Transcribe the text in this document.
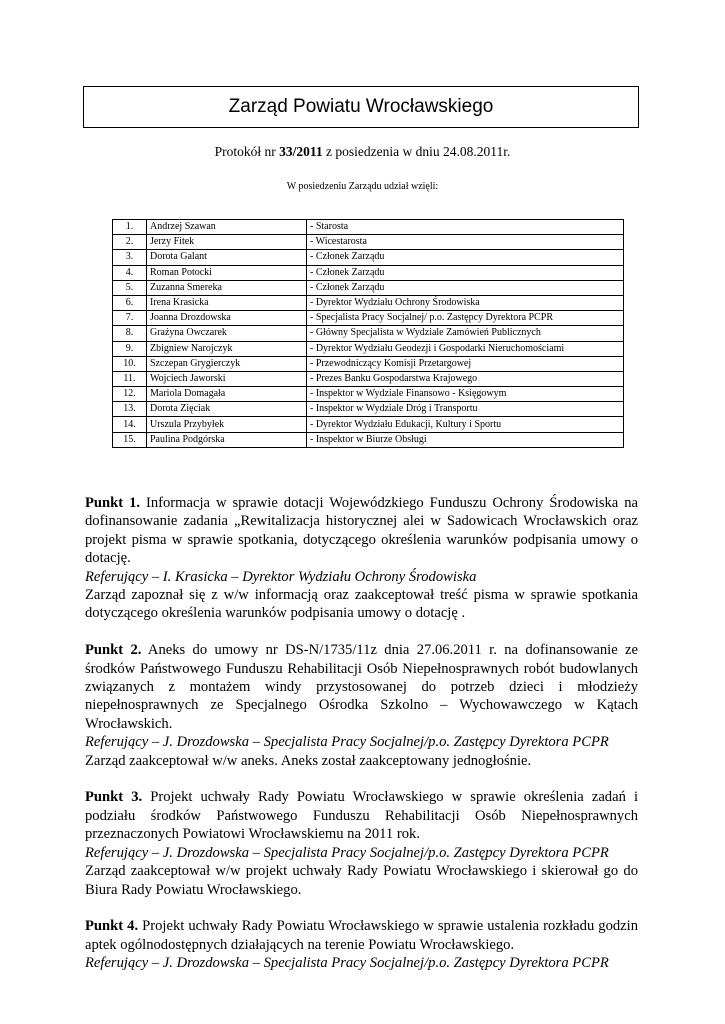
Zarząd Powiatu Wrocławskiego
Protokół nr 33/2011 z posiedzenia w dniu 24.08.2011r.
W posiedzeniu Zarządu udział wzięli:
1.	Andrzej Szawan	- Starosta
2.	Jerzy Fitek	- Wicestarosta
3.	Dorota Galant	- Członek Zarządu
4.	Roman Potocki	- Członek Zarządu
5.	Zuzanna Smereka	- Członek Zarządu
6.	Irena Krasicka	- Dyrektor Wydziału Ochrony Środowiska
7.	Joanna Drozdowska	- Specjalista Pracy Socjalnej/ p.o. Zastępcy Dyrektora PCPR
8.	Grażyna Owczarek	- Główny Specjalista w Wydziale Zamówień Publicznych
9.	Zbigniew Narojczyk	- Dyrektor Wydziału Geodezji i Gospodarki Nieruchomościami
10.	Szczepan Grygierczyk	- Przewodniczący Komisji Przetargowej
11.	Wojciech Jaworski	- Prezes Banku Gospodarstwa Krajowego
12.	Mariola Domagała	- Inspektor w Wydziale Finansowo - Księgowym
13.	Dorota Zięciak	- Inspektor w Wydziale Dróg i Transportu
14.	Urszula Przybyłek	- Dyrektor Wydziału Edukacji, Kultury i Sportu
15.	Paulina Podgórska	- Inspektor w Biurze Obsługi

Punkt 1. Informacja w sprawie dotacji Wojewódzkiego Funduszu Ochrony Środowiska na dofinansowanie zadania „Rewitalizacja historycznej alei w Sadowicach Wrocławskich oraz projekt pisma w sprawie spotkania, dotyczącego określenia warunków podpisania umowy o dotację.
Referujący – I. Krasicka – Dyrektor Wydziału Ochrony Środowiska
Zarząd zapoznał się z w/w informacją oraz zaakceptował treść pisma w sprawie spotkania dotyczącego określenia warunków podpisania umowy o dotację .

Punkt 2. Aneks do umowy nr DS-N/1735/11z dnia 27.06.2011 r. na dofinansowanie ze środków Państwowego Funduszu Rehabilitacji Osób Niepełnosprawnych robót budowlanych związanych z montażem windy przystosowanej do potrzeb dzieci i młodzieży niepełnosprawnych ze Specjalnego Ośrodka Szkolno – Wychowawczego w Kątach Wrocławskich.
Referujący – J. Drozdowska – Specjalista Pracy Socjalnej/p.o. Zastępcy Dyrektora PCPR
Zarząd zaakceptował w/w aneks. Aneks został zaakceptowany jednogłośnie.

Punkt 3. Projekt uchwały Rady Powiatu Wrocławskiego w sprawie określenia zadań i podziału środków Państwowego Funduszu Rehabilitacji Osób Niepełnosprawnych przeznaczonych Powiatowi Wrocławskiemu na 2011 rok.
Referujący – J. Drozdowska – Specjalista Pracy Socjalnej/p.o. Zastępcy Dyrektora PCPR
Zarząd zaakceptował w/w projekt uchwały Rady Powiatu Wrocławskiego i skierował go do Biura Rady Powiatu Wrocławskiego.

Punkt 4. Projekt uchwały Rady Powiatu Wrocławskiego w sprawie ustalenia rozkładu godzin aptek ogólnodostępnych działających na terenie Powiatu Wrocławskiego.
Referujący – J. Drozdowska – Specjalista Pracy Socjalnej/p.o. Zastępcy Dyrektora PCPR
